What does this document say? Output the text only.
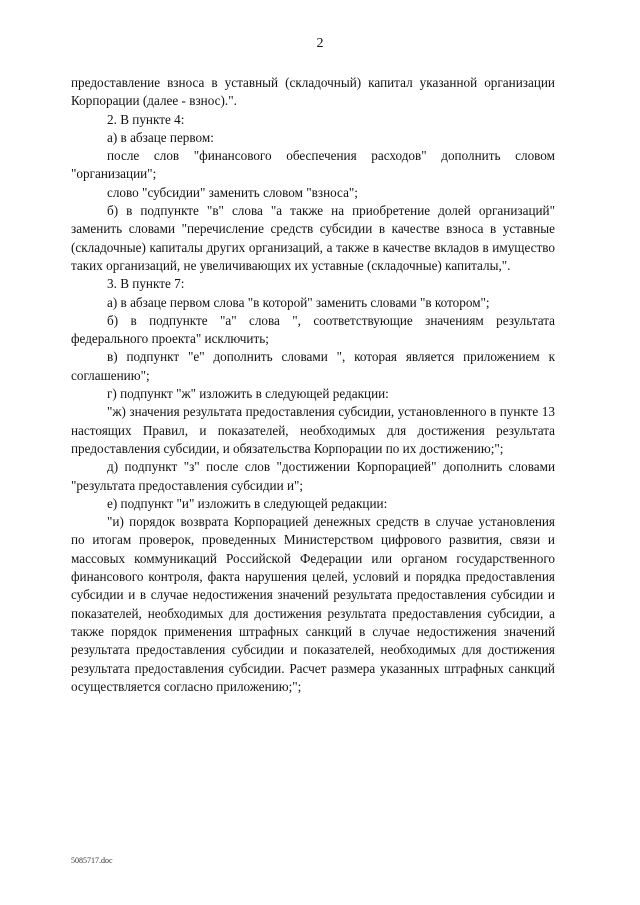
2

предоставление взноса в уставный (складочный) капитал указанной организации Корпорации (далее - взнос).".

2. В пункте 4:

а) в абзаце первом:

после слов "финансового обеспечения расходов" дополнить словом "организации";

слово "субсидии" заменить словом "взноса";

б) в подпункте "в" слова "а также на приобретение долей организаций" заменить словами "перечисление средств субсидии в качестве взноса в уставные (складочные) капиталы других организаций, а также в качестве вкладов в имущество таких организаций, не увеличивающих их уставные (складочные) капиталы,".

3. В пункте 7:

а) в абзаце первом слова "в которой" заменить словами "в котором";

б) в подпункте "а" слова ", соответствующие значениям результата федерального проекта" исключить;

в) подпункт "е" дополнить словами ", которая является приложением к соглашению";

г) подпункт "ж" изложить в следующей редакции:

"ж) значения результата предоставления субсидии, установленного в пункте 13 настоящих Правил, и показателей, необходимых для достижения результата предоставления субсидии, и обязательства Корпорации по их достижению;";

д) подпункт "з" после слов "достижении Корпорацией" дополнить словами "результата предоставления субсидии и";

е) подпункт "и" изложить в следующей редакции:

"и) порядок возврата Корпорацией денежных средств в случае установления по итогам проверок, проведенных Министерством цифрового развития, связи и массовых коммуникаций Российской Федерации или органом государственного финансового контроля, факта нарушения целей, условий и порядка предоставления субсидии и в случае недостижения значений результата предоставления субсидии и показателей, необходимых для достижения результата предоставления субсидии, а также порядок применения штрафных санкций в случае недостижения значений результата предоставления субсидии и показателей, необходимых для достижения результата предоставления субсидии. Расчет размера указанных штрафных санкций осуществляется согласно приложению;";

5085717.doc
